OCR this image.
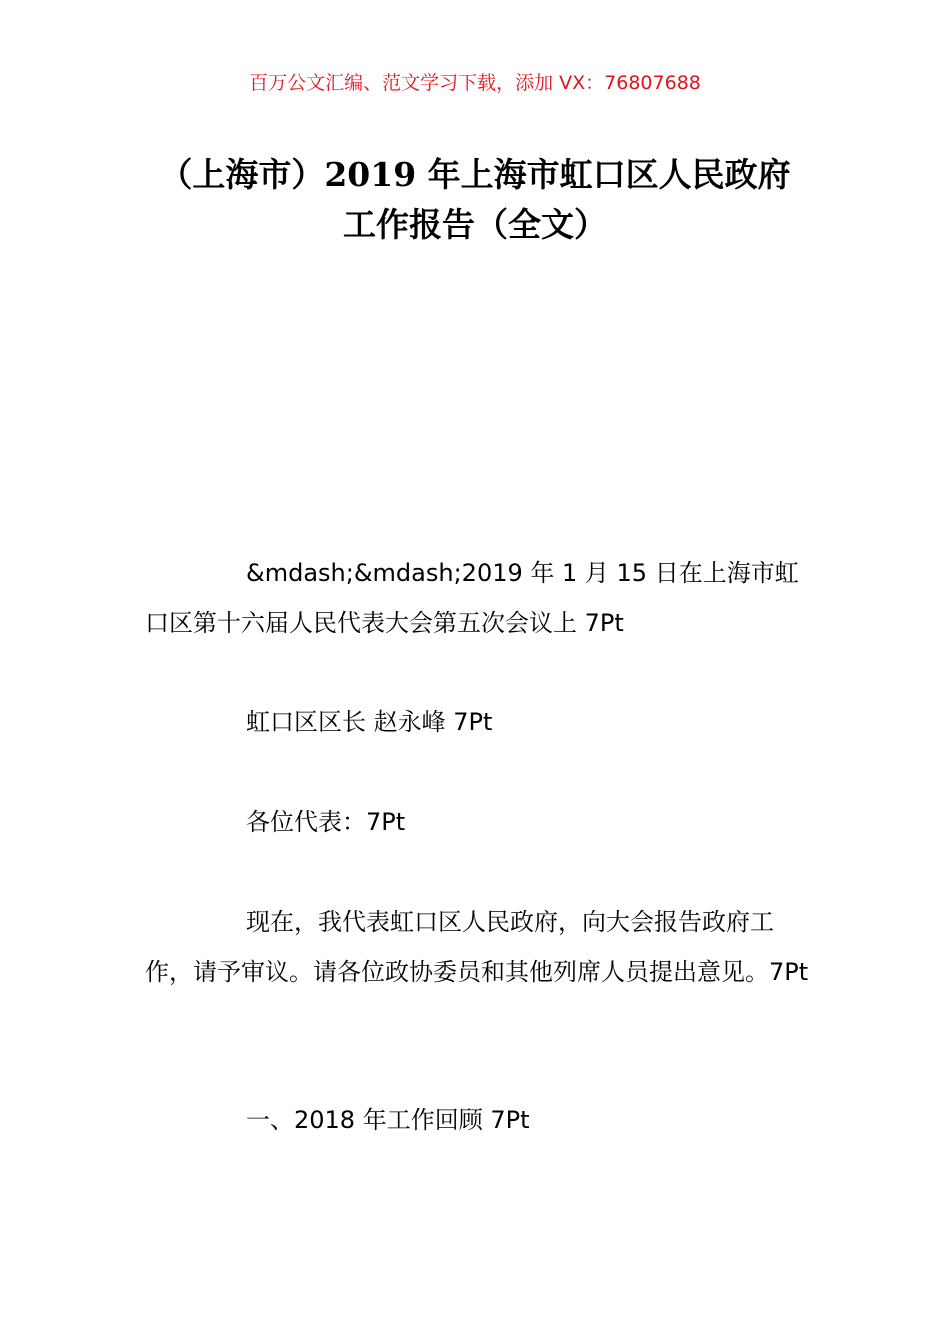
百万公文汇编、范文学习下载，添加 VX：76807688
（上海市）2019 年上海市虹口区人民政府
工作报告（全文）
&mdash;&mdash;2019 年 1 月 15 日在上海市虹口区第十六届人民代表大会第五次会议上 7Pt
虹口区区长 赵永峰 7Pt
各位代表：7Pt
现在，我代表虹口区人民政府，向大会报告政府工作，请予审议。请各位政协委员和其他列席人员提出意见。7Pt
一、2018 年工作回顾 7Pt
